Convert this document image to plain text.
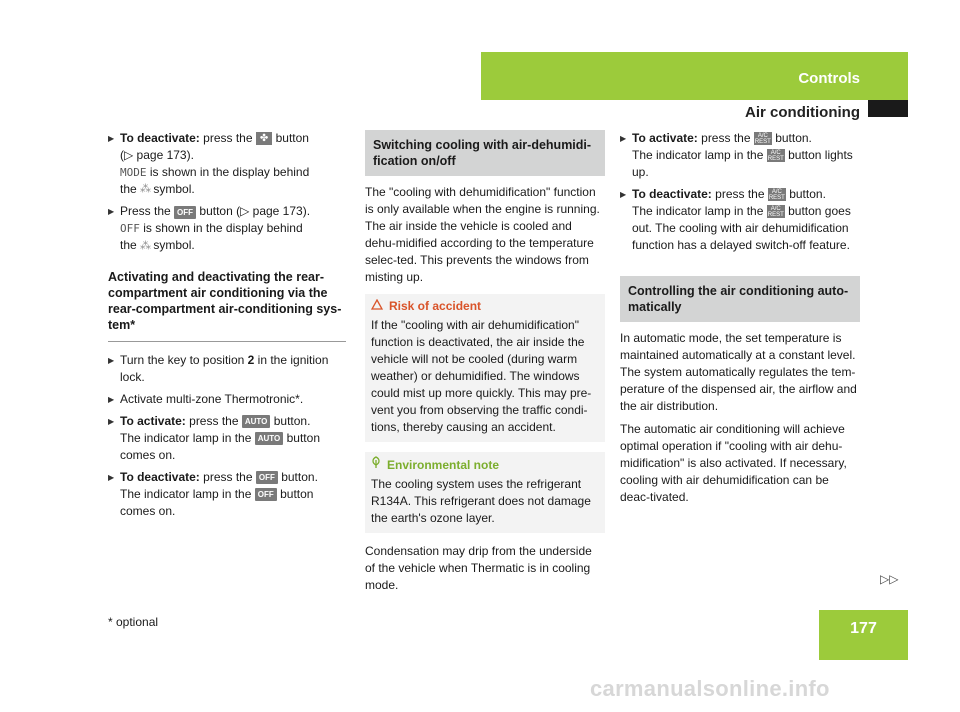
Controls
Air conditioning
▶ To deactivate: press the ✤ button
(▷ page 173).
MODE is shown in the display behind
the ⁂ symbol.
▶ Press the OFF button (▷ page 173).
OFF is shown in the display behind
the ⁂ symbol.
Activating and deactivating the rear-compartment air conditioning via the rear-compartment air-conditioning sys-tem*
▶ Turn the key to position 2 in the ignition lock.
▶ Activate multi-zone Thermotronic*.
▶ To activate: press the AUTO button.
The indicator lamp in the AUTO button
comes on.
▶ To deactivate: press the OFF button.
The indicator lamp in the OFF button
comes on.
Switching cooling with air-dehumidi-fication on/off

The "cooling with dehumidification" function is only available when the engine is running. The air inside the vehicle is cooled and dehu-midified according to the temperature selec-ted. This prevents the windows from misting up.

Risk of accident
If the "cooling with air dehumidification" function is deactivated, the air inside the vehicle will not be cooled (during warm weather) or dehumidified. The windows could mist up more quickly. This may pre-vent you from observing the traffic condi-tions, thereby causing an accident.
Environmental note
The cooling system uses the refrigerant R134A. This refrigerant does not damage the earth's ozone layer.

Condensation may drip from the underside of the vehicle when Thermatic is in cooling mode.

▶ To activate: press the A/C
REST button.
The indicator lamp in the A/C
REST button lights up.
▶ To deactivate: press the A/C
REST button.
The indicator lamp in the A/C
REST button goes out. The cooling with air dehumidification function has a delayed switch-off feature.
Controlling the air conditioning auto-matically

In automatic mode, the set temperature is maintained automatically at a constant level. The system automatically regulates the tem-perature of the dispensed air, the airflow and the air distribution.

The automatic air conditioning will achieve optimal operation if "cooling with air dehu-midification" is also activated. If necessary, cooling with air dehumidification can be deac-tivated.

▷▷
* optional	177
carmanualsonline.info
